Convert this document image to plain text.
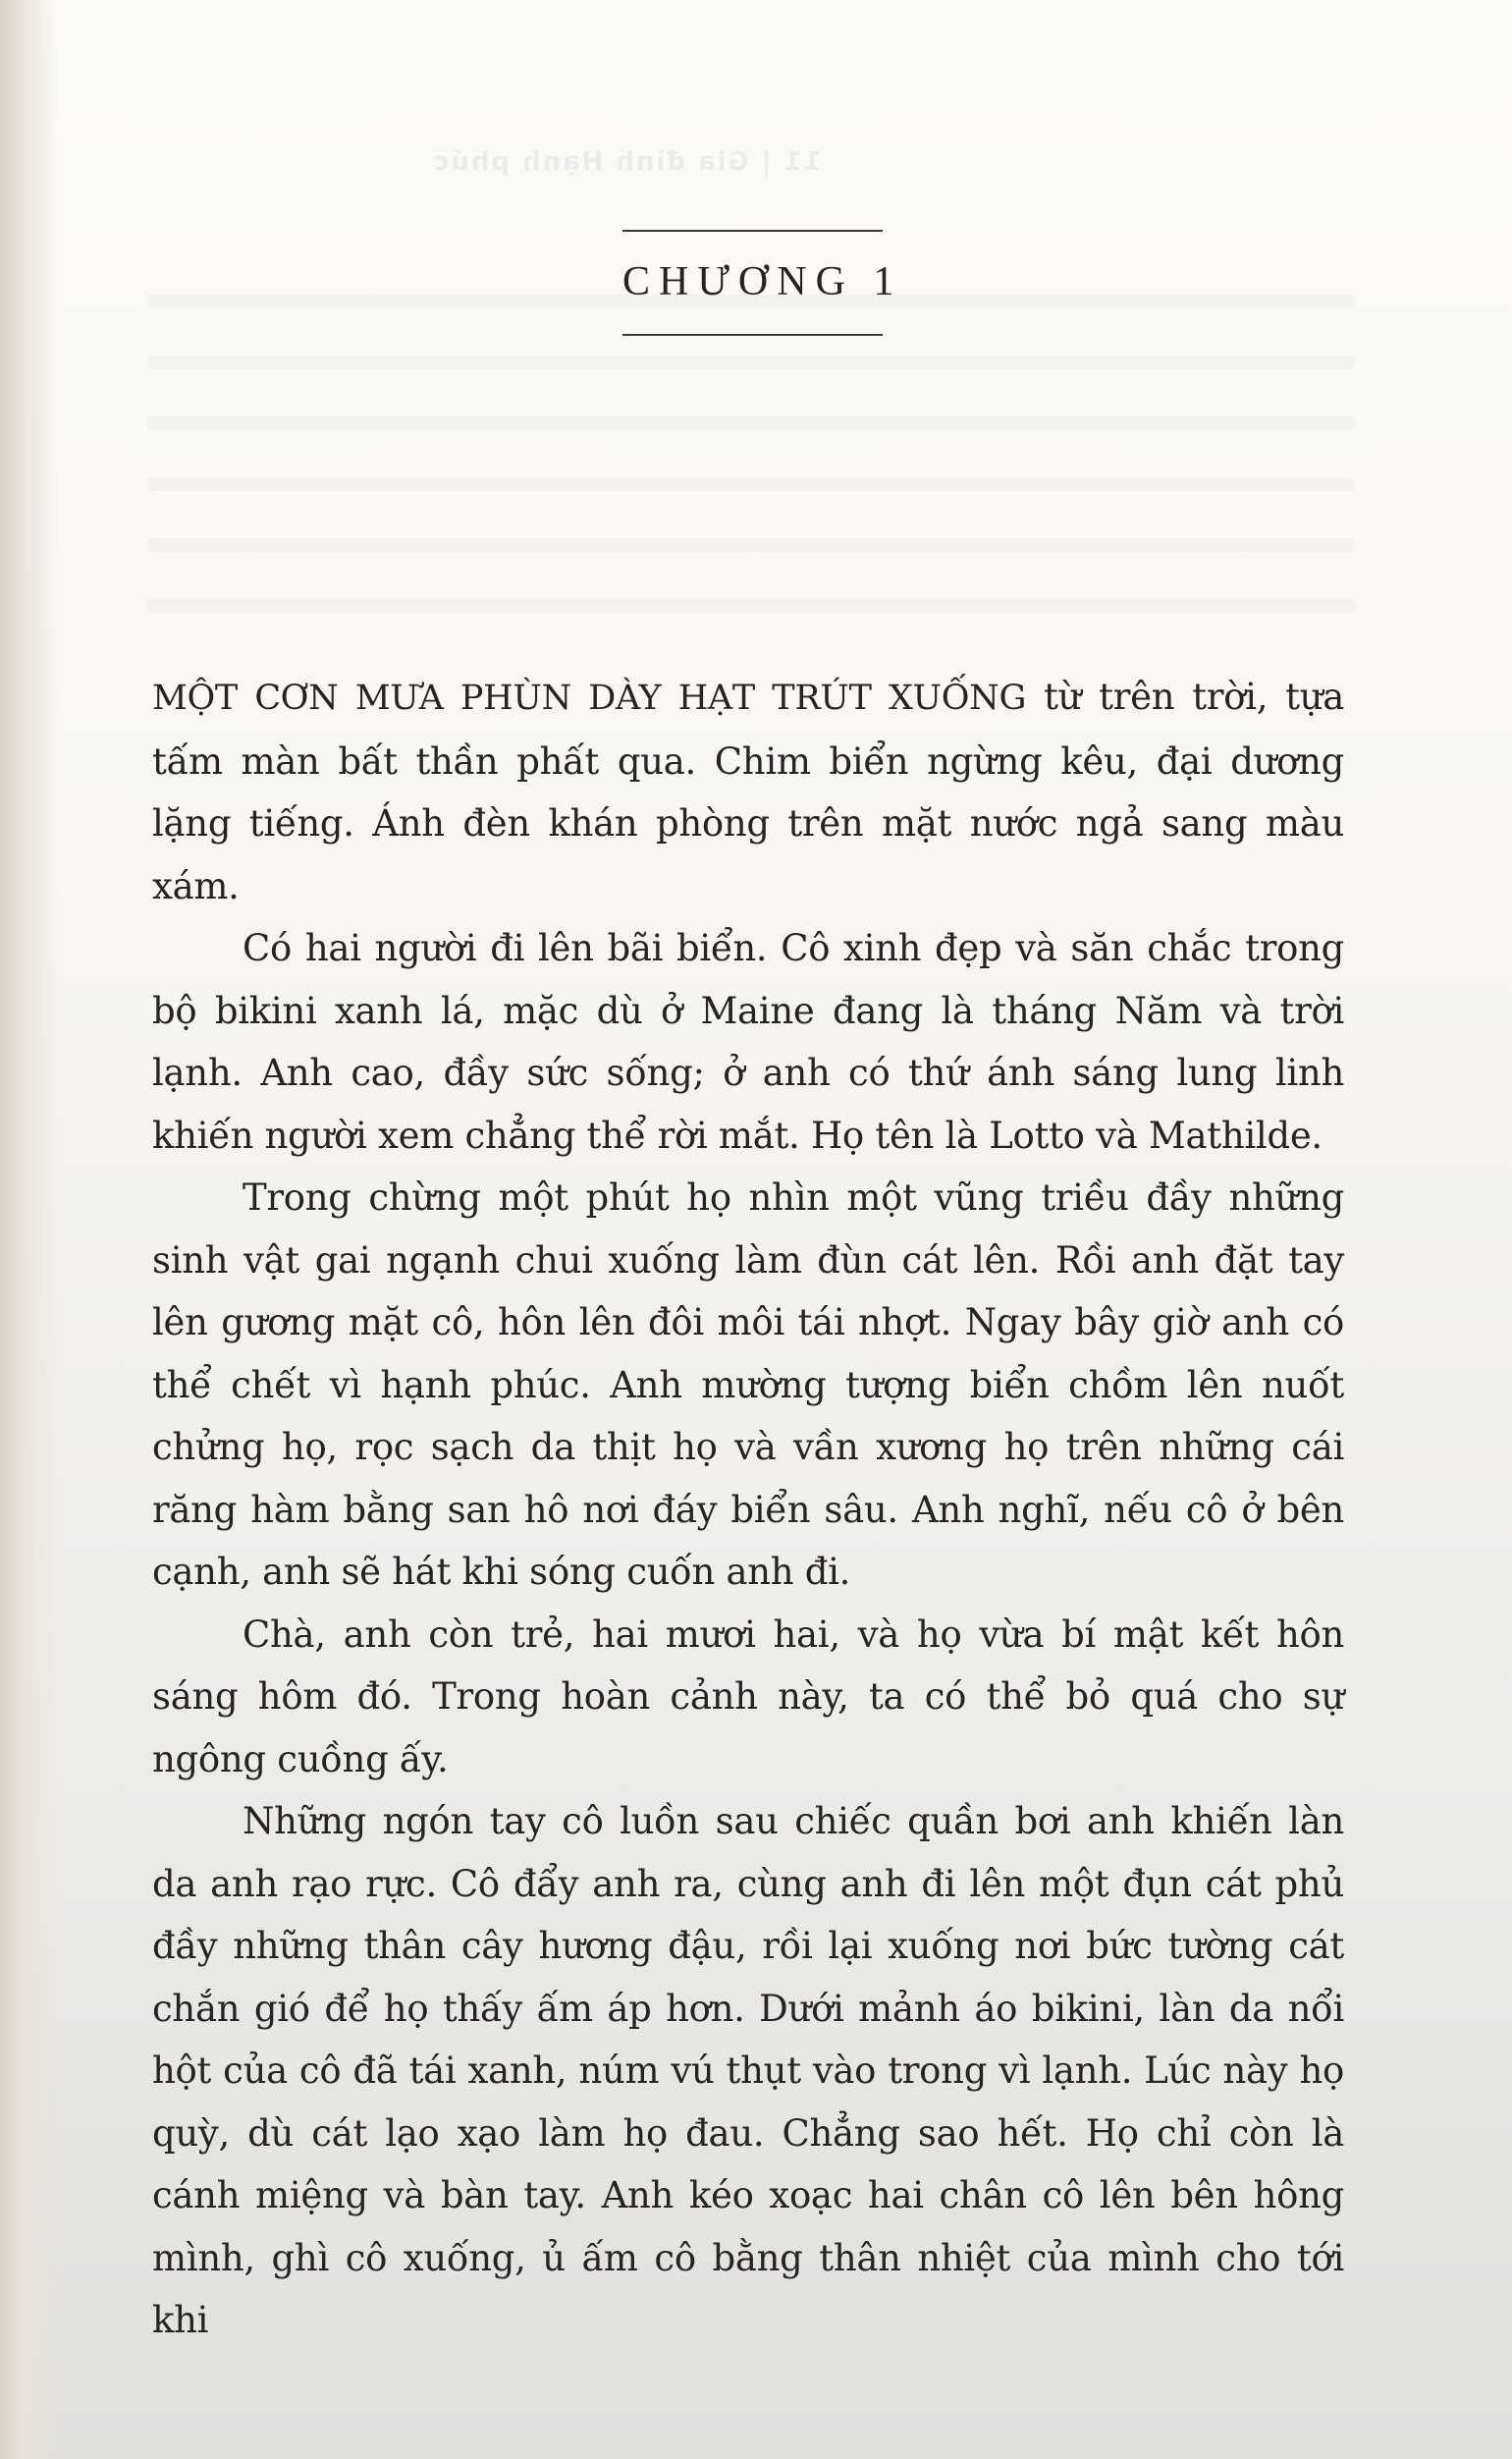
11 | Gia đình Hạnh phúc
CHƯƠNG 1

MỘT CƠN MƯA PHÙN DÀY HẠT TRÚT XUỐNG từ trên trời, tựa tấm màn bất thần phất qua. Chim biển ngừng kêu, đại dương lặng tiếng. Ánh đèn khán phòng trên mặt nước ngả sang màu xám.

Có hai người đi lên bãi biển. Cô xinh đẹp và săn chắc trong bộ bikini xanh lá, mặc dù ở Maine đang là tháng Năm và trời lạnh. Anh cao, đầy sức sống; ở anh có thứ ánh sáng lung linh khiến người xem chẳng thể rời mắt. Họ tên là Lotto và Mathilde.

Trong chừng một phút họ nhìn một vũng triều đầy những sinh vật gai ngạnh chui xuống làm đùn cát lên. Rồi anh đặt tay lên gương mặt cô, hôn lên đôi môi tái nhợt. Ngay bây giờ anh có thể chết vì hạnh phúc. Anh mường tượng biển chồm lên nuốt chửng họ, rọc sạch da thịt họ và vần xương họ trên những cái răng hàm bằng san hô nơi đáy biển sâu. Anh nghĩ, nếu cô ở bên cạnh, anh sẽ hát khi sóng cuốn anh đi.

Chà, anh còn trẻ, hai mươi hai, và họ vừa bí mật kết hôn sáng hôm đó. Trong hoàn cảnh này, ta có thể bỏ quá cho sự ngông cuồng ấy.

Những ngón tay cô luồn sau chiếc quần bơi anh khiến làn da anh rạo rực. Cô đẩy anh ra, cùng anh đi lên một đụn cát phủ đầy những thân cây hương đậu, rồi lại xuống nơi bức tường cát chắn gió để họ thấy ấm áp hơn. Dưới mảnh áo bikini, làn da nổi hột của cô đã tái xanh, núm vú thụt vào trong vì lạnh. Lúc này họ quỳ, dù cát lạo xạo làm họ đau. Chẳng sao hết. Họ chỉ còn là cánh miệng và bàn tay. Anh kéo xoạc hai chân cô lên bên hông mình, ghì cô xuống, ủ ấm cô bằng thân nhiệt của mình cho tới khi
